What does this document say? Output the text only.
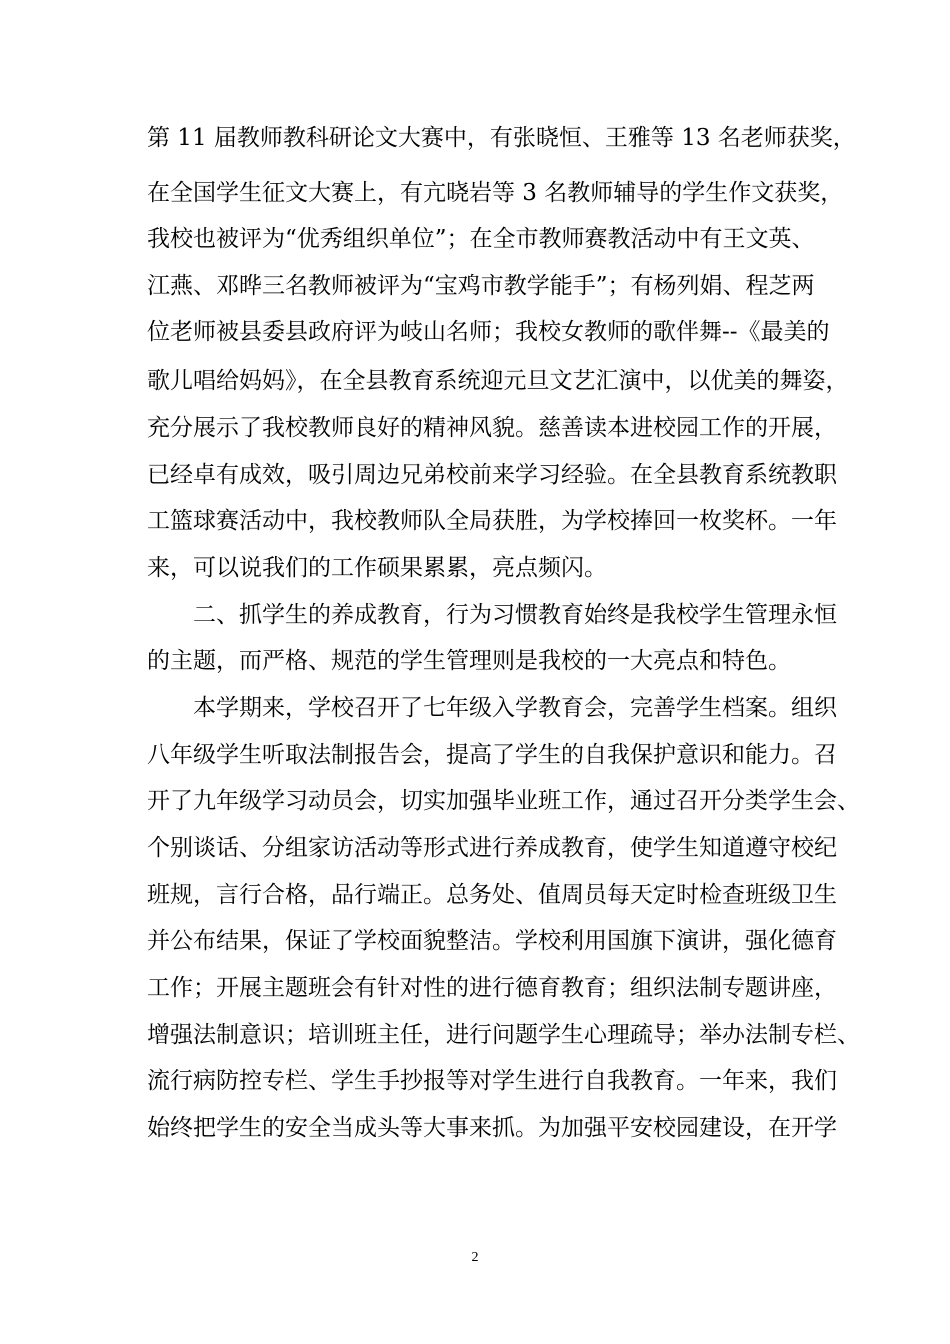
第 11 届教师教科研论文大赛中，有张晓恒、王雅等 13 名老师获奖，
在全国学生征文大赛上，有亢晓岩等 3 名教师辅导的学生作文获奖，
我校也被评为“优秀组织单位”；在全市教师赛教活动中有王文英、
江燕、邓晔三名教师被评为“宝鸡市教学能手”；有杨列娟、程芝两
位老师被县委县政府评为岐山名师；我校女教师的歌伴舞--《最美的
歌儿唱给妈妈》，在全县教育系统迎元旦文艺汇演中，以优美的舞姿，
充分展示了我校教师良好的精神风貌。慈善读本进校园工作的开展，
已经卓有成效，吸引周边兄弟校前来学习经验。在全县教育系统教职
工篮球赛活动中，我校教师队全局获胜，为学校捧回一枚奖杯。一年
来，可以说我们的工作硕果累累，亮点频闪。
二、抓学生的养成教育，行为习惯教育始终是我校学生管理永恒
的主题，而严格、规范的学生管理则是我校的一大亮点和特色。
本学期来，学校召开了七年级入学教育会，完善学生档案。组织
八年级学生听取法制报告会，提高了学生的自我保护意识和能力。召
开了九年级学习动员会，切实加强毕业班工作，通过召开分类学生会、
个别谈话、分组家访活动等形式进行养成教育，使学生知道遵守校纪
班规，言行合格，品行端正。总务处、值周员每天定时检查班级卫生
并公布结果，保证了学校面貌整洁。学校利用国旗下演讲，强化德育
工作；开展主题班会有针对性的进行德育教育；组织法制专题讲座，
增强法制意识；培训班主任，进行问题学生心理疏导；举办法制专栏、
流行病防控专栏、学生手抄报等对学生进行自我教育。一年来，我们
始终把学生的安全当成头等大事来抓。为加强平安校园建设，在开学
2
